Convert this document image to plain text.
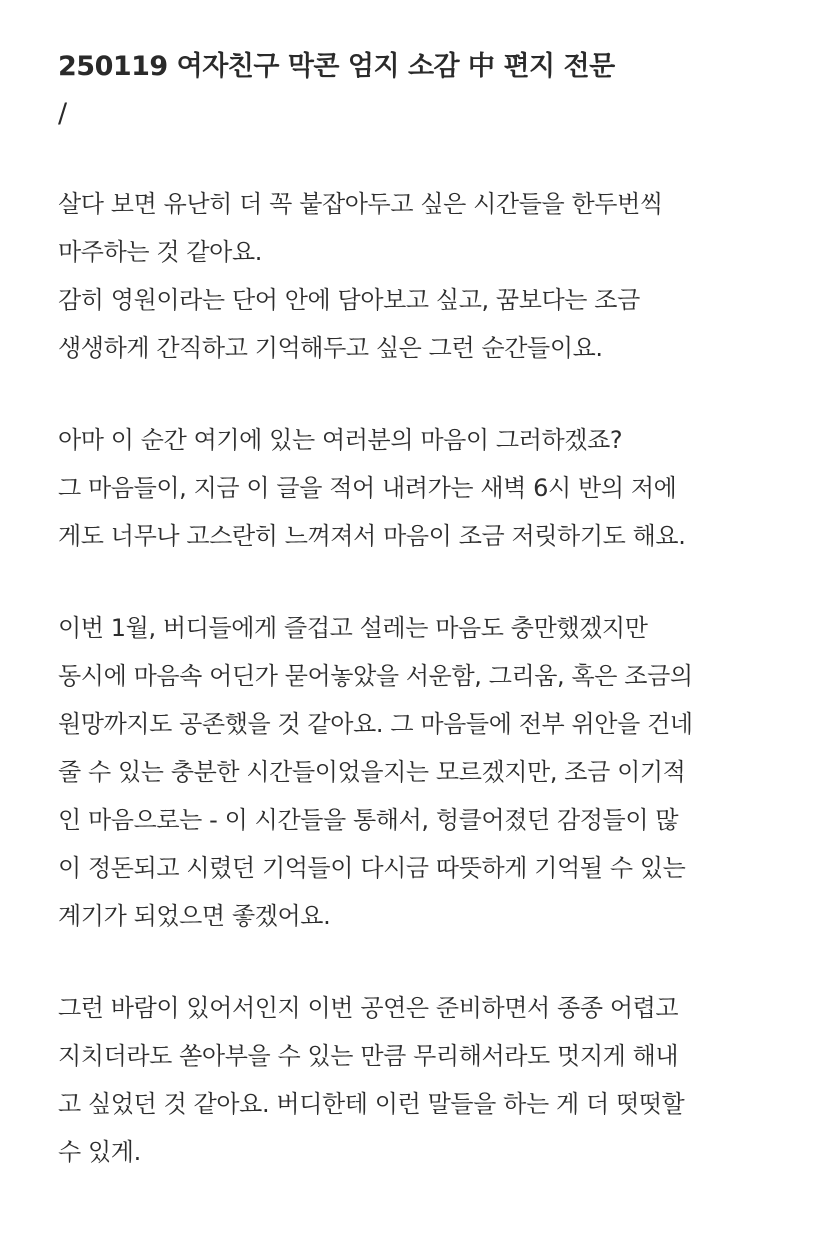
250119 여자친구 막콘 엄지 소감 中 편지 전문
/

살다 보면 유난히 더 꼭 붙잡아두고 싶은 시간들을 한두번씩
마주하는 것 같아요.
감히 영원이라는 단어 안에 담아보고 싶고, 꿈보다는 조금
생생하게 간직하고 기억해두고 싶은 그런 순간들이요.

아마 이 순간 여기에 있는 여러분의 마음이 그러하겠죠?
그 마음들이, 지금 이 글을 적어 내려가는 새벽 6시 반의 저에
게도 너무나 고스란히 느껴져서 마음이 조금 저릿하기도 해요.

이번 1월, 버디들에게 즐겁고 설레는 마음도 충만했겠지만
동시에 마음속 어딘가 묻어놓았을 서운함, 그리움, 혹은 조금의
원망까지도 공존했을 것 같아요. 그 마음들에 전부 위안을 건네
줄 수 있는 충분한 시간들이었을지는 모르겠지만, 조금 이기적
인 마음으로는 - 이 시간들을 통해서, 헝클어졌던 감정들이 많
이 정돈되고 시렸던 기억들이 다시금 따뜻하게 기억될 수 있는
계기가 되었으면 좋겠어요.

그런 바람이 있어서인지 이번 공연은 준비하면서 종종 어렵고
지치더라도 쏟아부을 수 있는 만큼 무리해서라도 멋지게 해내
고 싶었던 것 같아요. 버디한테 이런 말들을 하는 게 더 떳떳할
수 있게.
